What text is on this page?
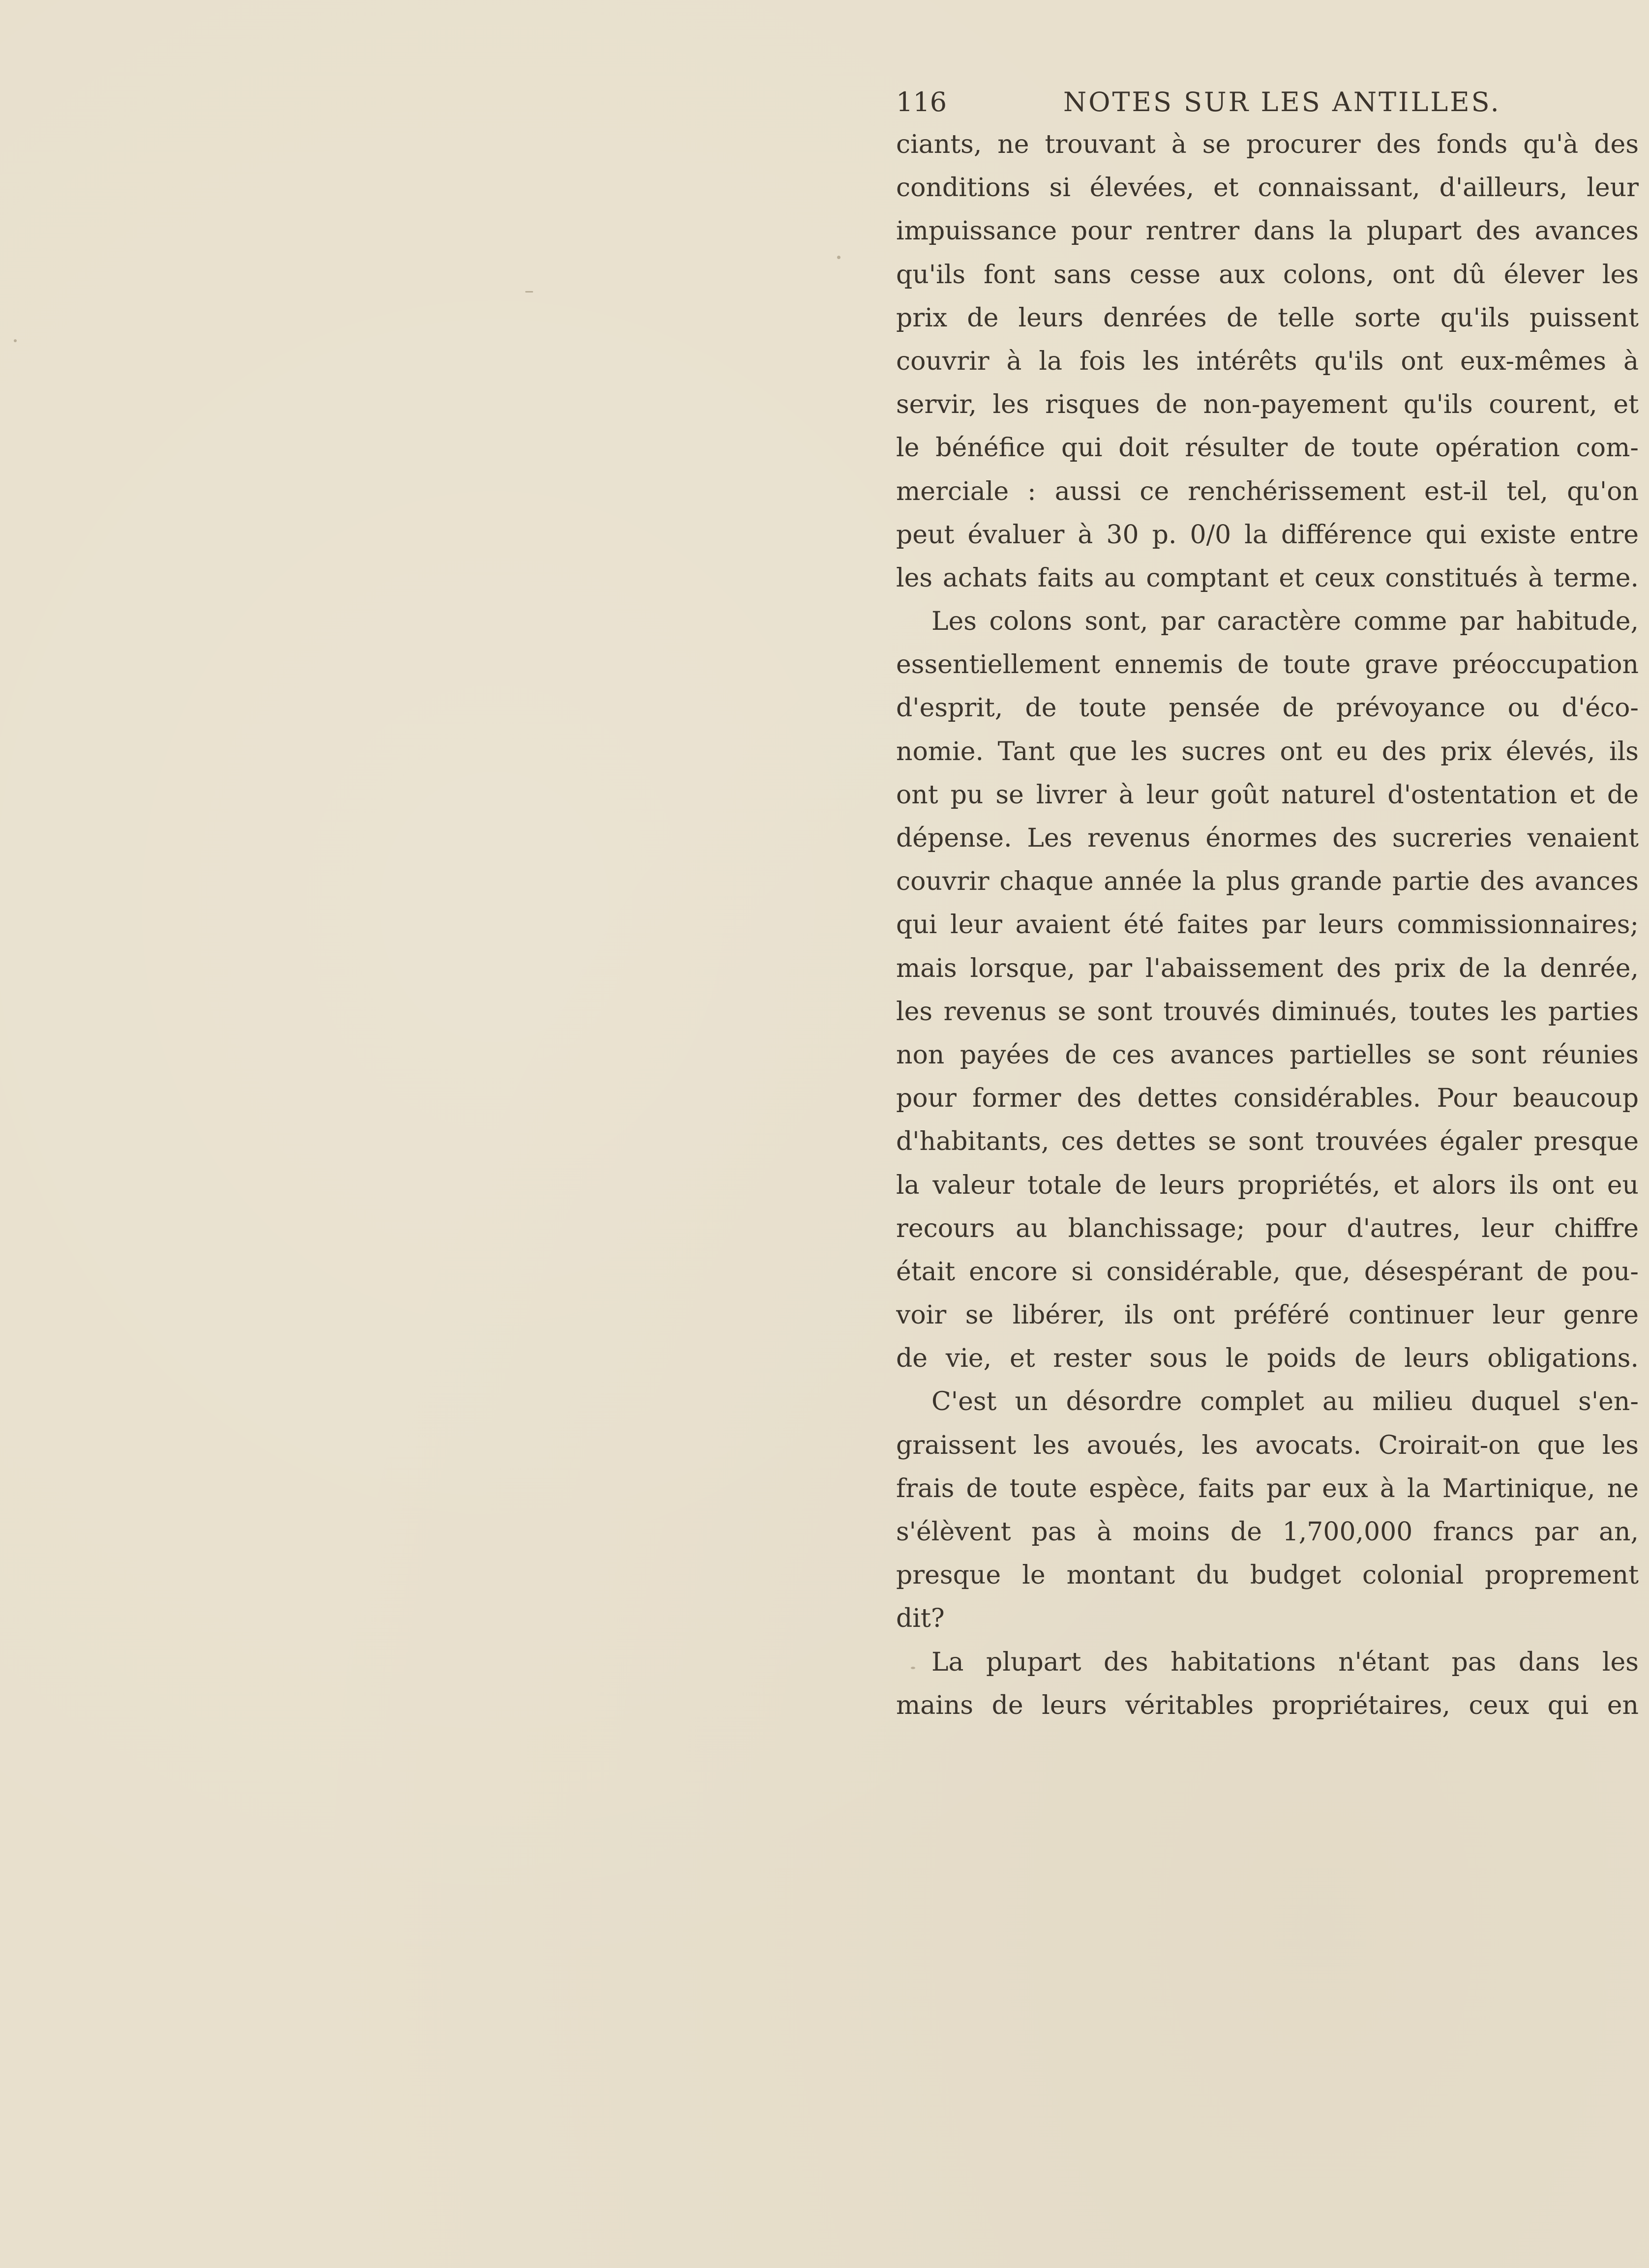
116	NOTES SUR LES ANTILLES.
ciants, ne trouvant à se procurer des fonds qu'à des
conditions si élevées, et connaissant, d'ailleurs, leur
impuissance pour rentrer dans la plupart des avances
qu'ils font sans cesse aux colons, ont dû élever les
prix de leurs denrées de telle sorte qu'ils puissent
couvrir à la fois les intérêts qu'ils ont eux-mêmes à
servir, les risques de non-payement qu'ils courent, et
le bénéfice qui doit résulter de toute opération com-
merciale : aussi ce renchérissement est-il tel, qu'on
peut évaluer à 30 p. 0/0 la différence qui existe entre
les achats faits au comptant et ceux constitués à terme.
Les colons sont, par caractère comme par habitude,
essentiellement ennemis de toute grave préoccupation
d'esprit, de toute pensée de prévoyance ou d'éco-
nomie. Tant que les sucres ont eu des prix élevés, ils
ont pu se livrer à leur goût naturel d'ostentation et de
dépense. Les revenus énormes des sucreries venaient
couvrir chaque année la plus grande partie des avances
qui leur avaient été faites par leurs commissionnaires;
mais lorsque, par l'abaissement des prix de la denrée,
les revenus se sont trouvés diminués, toutes les parties
non payées de ces avances partielles se sont réunies
pour former des dettes considérables. Pour beaucoup
d'habitants, ces dettes se sont trouvées égaler presque
la valeur totale de leurs propriétés, et alors ils ont eu
recours au blanchissage; pour d'autres, leur chiffre
était encore si considérable, que, désespérant de pou-
voir se libérer, ils ont préféré continuer leur genre
de vie, et rester sous le poids de leurs obligations.
C'est un désordre complet au milieu duquel s'en-
graissent les avoués, les avocats. Croirait-on que les
frais de toute espèce, faits par eux à la Martinique, ne
s'élèvent pas à moins de 1,700,000 francs par an,
presque le montant du budget colonial proprement
dit?
La plupart des habitations n'étant pas dans les
mains de leurs véritables propriétaires, ceux qui en
